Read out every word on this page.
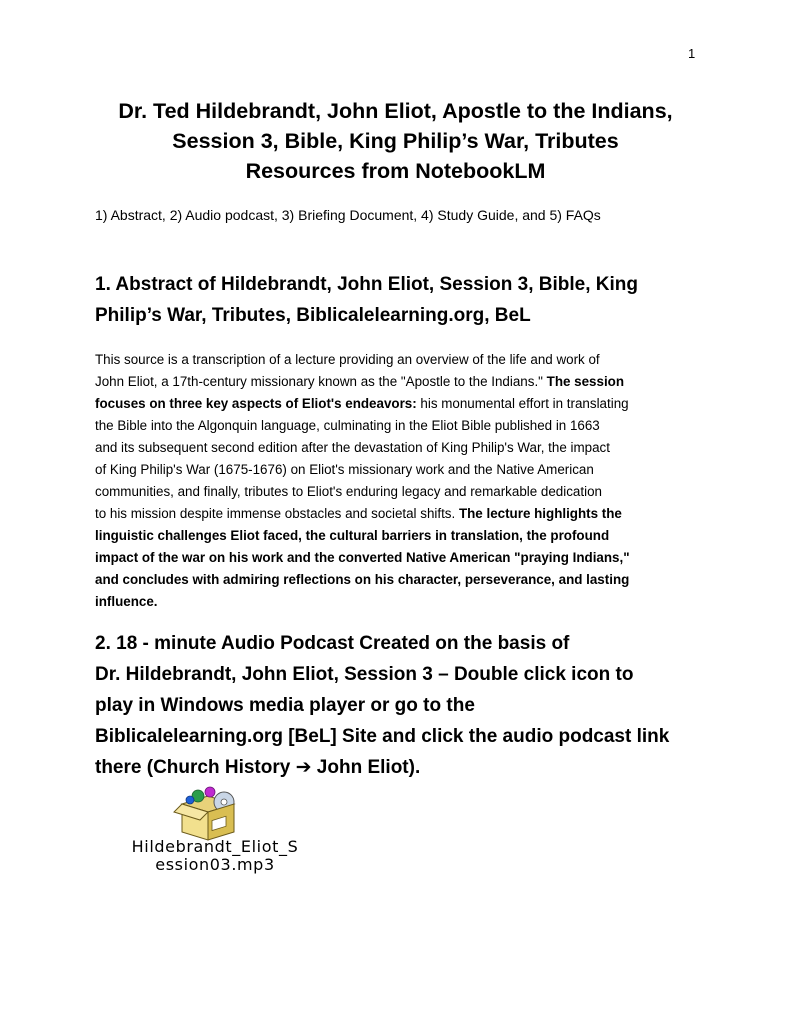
1
Dr. Ted Hildebrandt, John Eliot, Apostle to the Indians,
Session 3, Bible, King Philip’s War, Tributes
Resources from NotebookLM
1) Abstract, 2) Audio podcast, 3) Briefing Document, 4) Study Guide, and 5) FAQs
1. Abstract of Hildebrandt, John Eliot, Session 3, Bible, King
Philip’s War, Tributes, Biblicalelearning.org, BeL
This source is a transcription of a lecture providing an overview of the life and work of
John Eliot, a 17th-century missionary known as the "Apostle to the Indians." The session
focuses on three key aspects of Eliot's endeavors: his monumental effort in translating
the Bible into the Algonquin language, culminating in the Eliot Bible published in 1663
and its subsequent second edition after the devastation of King Philip's War, the impact
of King Philip's War (1675-1676) on Eliot's missionary work and the Native American
communities, and finally, tributes to Eliot's enduring legacy and remarkable dedication
to his mission despite immense obstacles and societal shifts. The lecture highlights the
linguistic challenges Eliot faced, the cultural barriers in translation, the profound
impact of the war on his work and the converted Native American "praying Indians,"
and concludes with admiring reflections on his character, perseverance, and lasting
influence.
2. 18 - minute Audio Podcast Created on the basis of
Dr. Hildebrandt, John Eliot, Session 3 – Double click icon to
play in Windows media player or go to the
Biblicalelearning.org [BeL] Site and click the audio podcast link
there (Church History ➔ John Eliot).
Hildebrandt_Eliot_S
ession03.mp3
